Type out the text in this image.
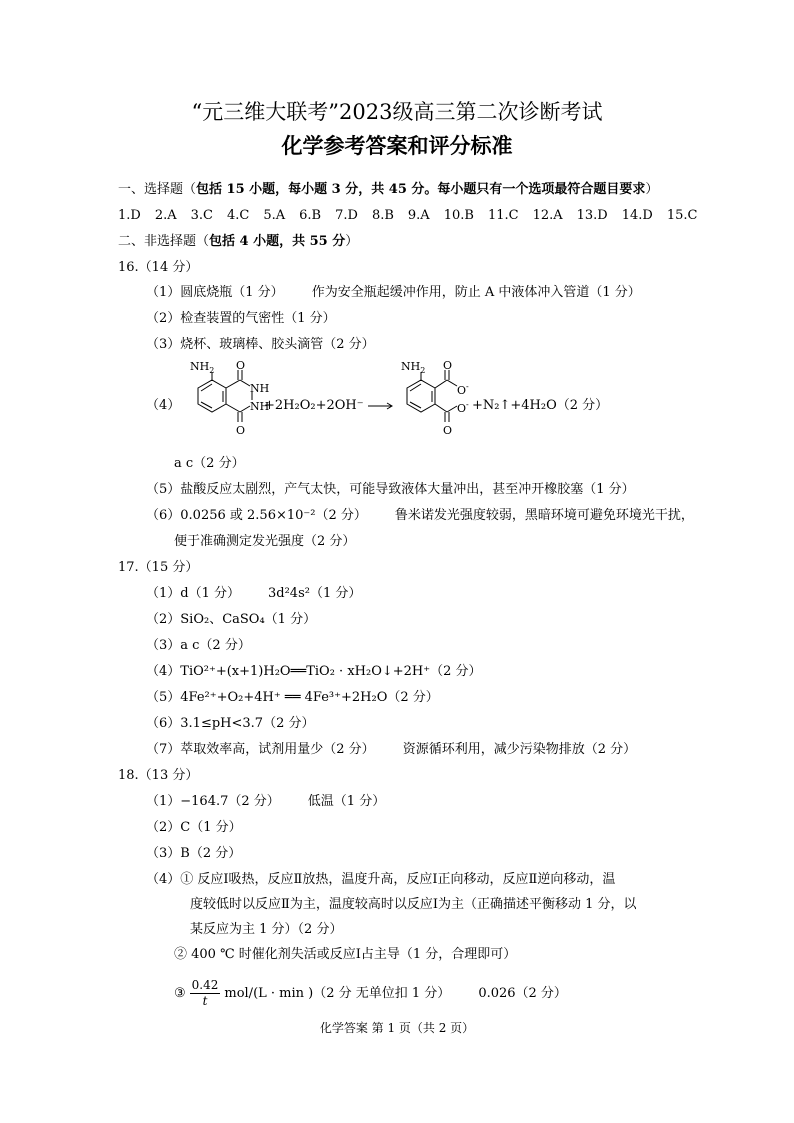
“元三维大联考”2023级高三第二次诊断考试
化学参考答案和评分标准
一、选择题（包括 15 小题，每小题 3 分，共 45 分。每小题只有一个选项最符合题目要求）
1.D 2.A 3.C 4.C 5.A 6.B 7.D 8.B 9.A 10.B 11.C 12.A 13.D 14.D 15.C
二、非选择题（包括 4 小题，共 55 分）
16.（14 分）
（1）圆底烧瓶（1 分） 作为安全瓶起缓冲作用，防止 A 中液体冲入管道（1 分）
（2）检查装置的气密性（1 分）
（3）烧杯、玻璃棒、胶头滴管（2 分）
（4）
$NH_2$ O
O
NH
NH
+2H₂O₂+2OH⁻ →
$NH_2$ O
O
O-
O- +N₂↑+4H₂O（2 分）
a c（2 分）
（5）盐酸反应太剧烈，产气太快，可能导致液体大量冲出，甚至冲开橡胶塞（1 分）
（6）0.0256 或 2.56×10⁻²（2 分） 鲁米诺发光强度较弱，黑暗环境可避免环境光干扰，
便于准确测定发光强度（2 分）
17.（15 分）
（1）d（1 分） 3d²4s²（1 分）
（2）SiO₂、CaSO₄（1 分）
（3）a c（2 分）
（4）TiO²⁺+(x+1)H₂O══TiO₂ · xH₂O↓+2H⁺（2 分）
（5）4Fe²⁺+O₂+4H⁺ ══ 4Fe³⁺+2H₂O（2 分）
（6）3.1≤pH<3.7（2 分）
（7）萃取效率高，试剂用量少（2 分） 资源循环利用，减少污染物排放（2 分）
18.（13 分）
（1）−164.7（2 分） 低温（1 分）
（2）C（1 分）
（3）B（2 分）
（4）① 反应Ⅰ吸热，反应Ⅱ放热，温度升高，反应Ⅰ正向移动，反应Ⅱ逆向移动，温
度较低时以反应Ⅱ为主，温度较高时以反应Ⅰ为主（正确描述平衡移动 1 分，以
某反应为主 1 分）（2 分）
② 400 ℃ 时催化剂失活或反应Ⅰ占主导（1 分，合理即可）
③ $\frac{0.42}{t} mol/(L \cdot \min )(2$ 分 无单位扣 1 分） 0.026（2 分）
化学答案 第 1 页（共 2 页）
